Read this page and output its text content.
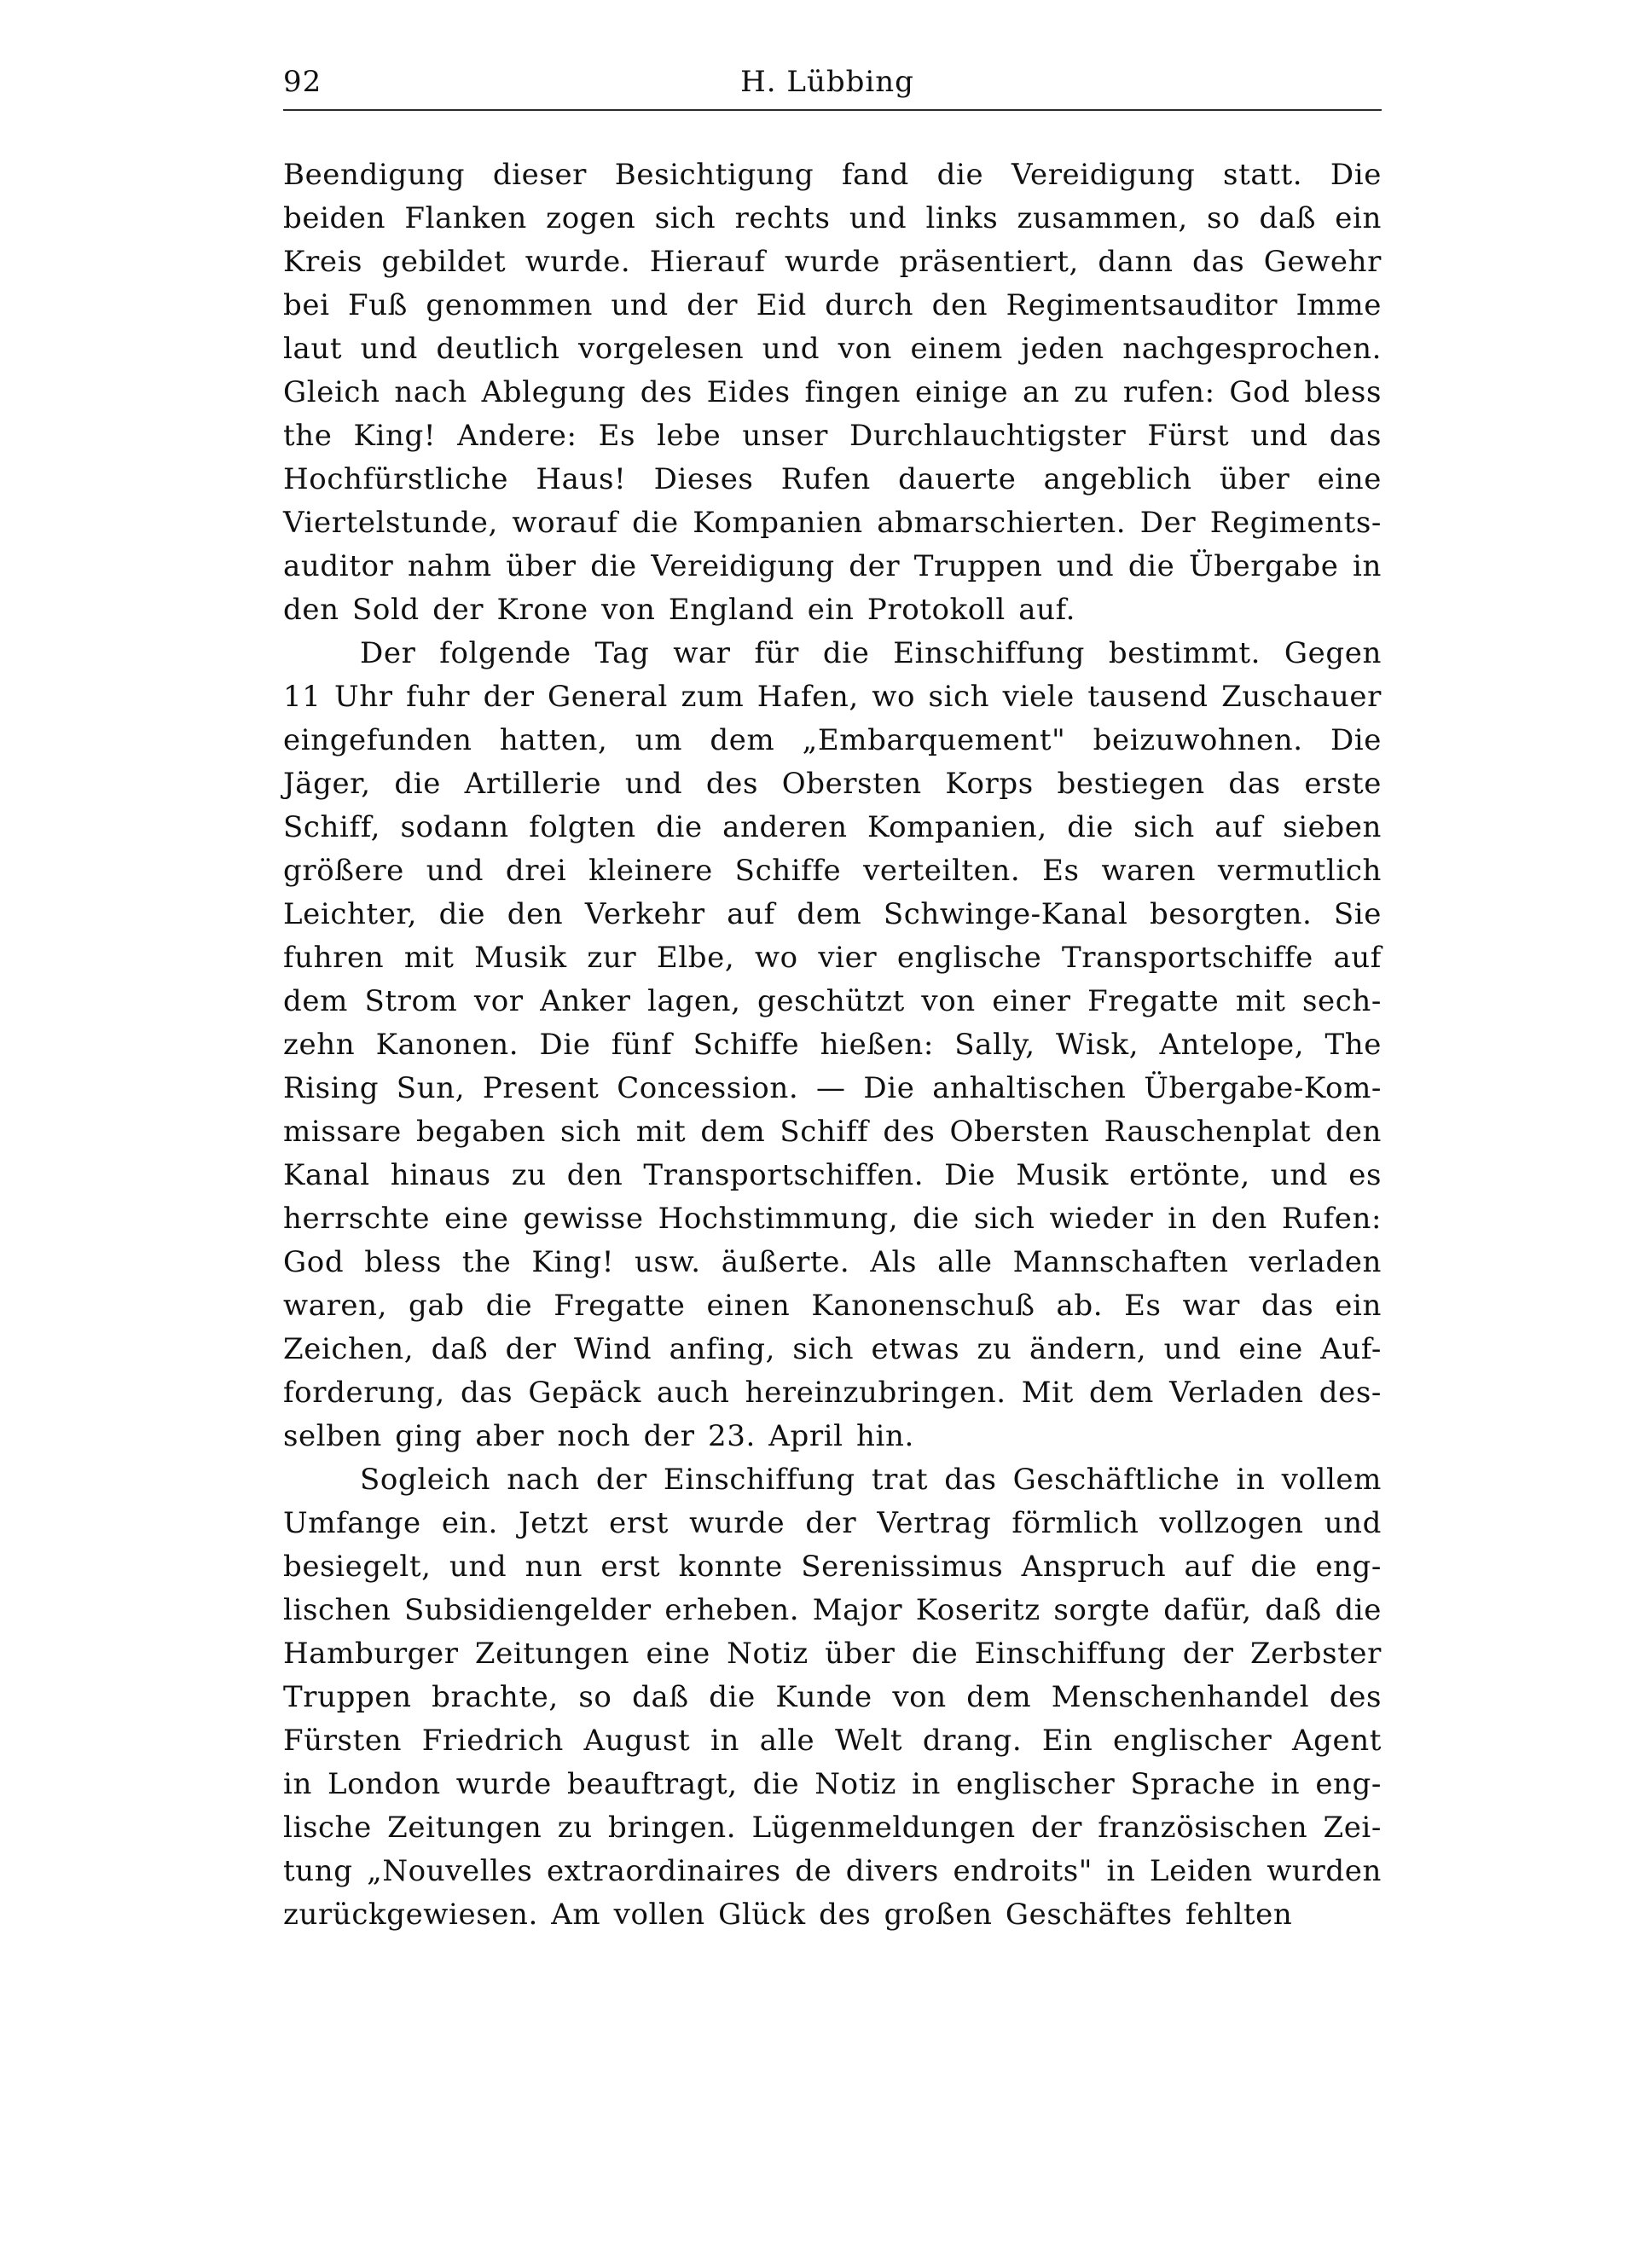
92	H. Lübbing
Beendigung dieser Besichtigung fand die Vereidigung statt. Die
beiden Flanken zogen sich rechts und links zusammen, so daß ein
Kreis gebildet wurde. Hierauf wurde präsentiert, dann das Gewehr
bei Fuß genommen und der Eid durch den Regimentsauditor Imme
laut und deutlich vorgelesen und von einem jeden nachgesprochen.
Gleich nach Ablegung des Eides fingen einige an zu rufen: God bless
the King! Andere: Es lebe unser Durchlauchtigster Fürst und das
Hochfürstliche Haus! Dieses Rufen dauerte angeblich über eine
Viertelstunde, worauf die Kompanien abmarschierten. Der Regiments-
auditor nahm über die Vereidigung der Truppen und die Übergabe in
den Sold der Krone von England ein Protokoll auf.
Der folgende Tag war für die Einschiffung bestimmt. Gegen
11 Uhr fuhr der General zum Hafen, wo sich viele tausend Zuschauer
eingefunden hatten, um dem „Embarquement" beizuwohnen. Die
Jäger, die Artillerie und des Obersten Korps bestiegen das erste
Schiff, sodann folgten die anderen Kompanien, die sich auf sieben
größere und drei kleinere Schiffe verteilten. Es waren vermutlich
Leichter, die den Verkehr auf dem Schwinge-Kanal besorgten. Sie
fuhren mit Musik zur Elbe, wo vier englische Transportschiffe auf
dem Strom vor Anker lagen, geschützt von einer Fregatte mit sech-
zehn Kanonen. Die fünf Schiffe hießen: Sally, Wisk, Antelope, The
Rising Sun, Present Concession. — Die anhaltischen Übergabe-Kom-
missare begaben sich mit dem Schiff des Obersten Rauschenplat den
Kanal hinaus zu den Transportschiffen. Die Musik ertönte, und es
herrschte eine gewisse Hochstimmung, die sich wieder in den Rufen:
God bless the King! usw. äußerte. Als alle Mannschaften verladen
waren, gab die Fregatte einen Kanonenschuß ab. Es war das ein
Zeichen, daß der Wind anfing, sich etwas zu ändern, und eine Auf-
forderung, das Gepäck auch hereinzubringen. Mit dem Verladen des-
selben ging aber noch der 23. April hin.
Sogleich nach der Einschiffung trat das Geschäftliche in vollem
Umfange ein. Jetzt erst wurde der Vertrag förmlich vollzogen und
besiegelt, und nun erst konnte Serenissimus Anspruch auf die eng-
lischen Subsidiengelder erheben. Major Koseritz sorgte dafür, daß die
Hamburger Zeitungen eine Notiz über die Einschiffung der Zerbster
Truppen brachte, so daß die Kunde von dem Menschenhandel des
Fürsten Friedrich August in alle Welt drang. Ein englischer Agent
in London wurde beauftragt, die Notiz in englischer Sprache in eng-
lische Zeitungen zu bringen. Lügenmeldungen der französischen Zei-
tung „Nouvelles extraordinaires de divers endroits" in Leiden wurden
zurückgewiesen. Am vollen Glück des großen Geschäftes fehlten
